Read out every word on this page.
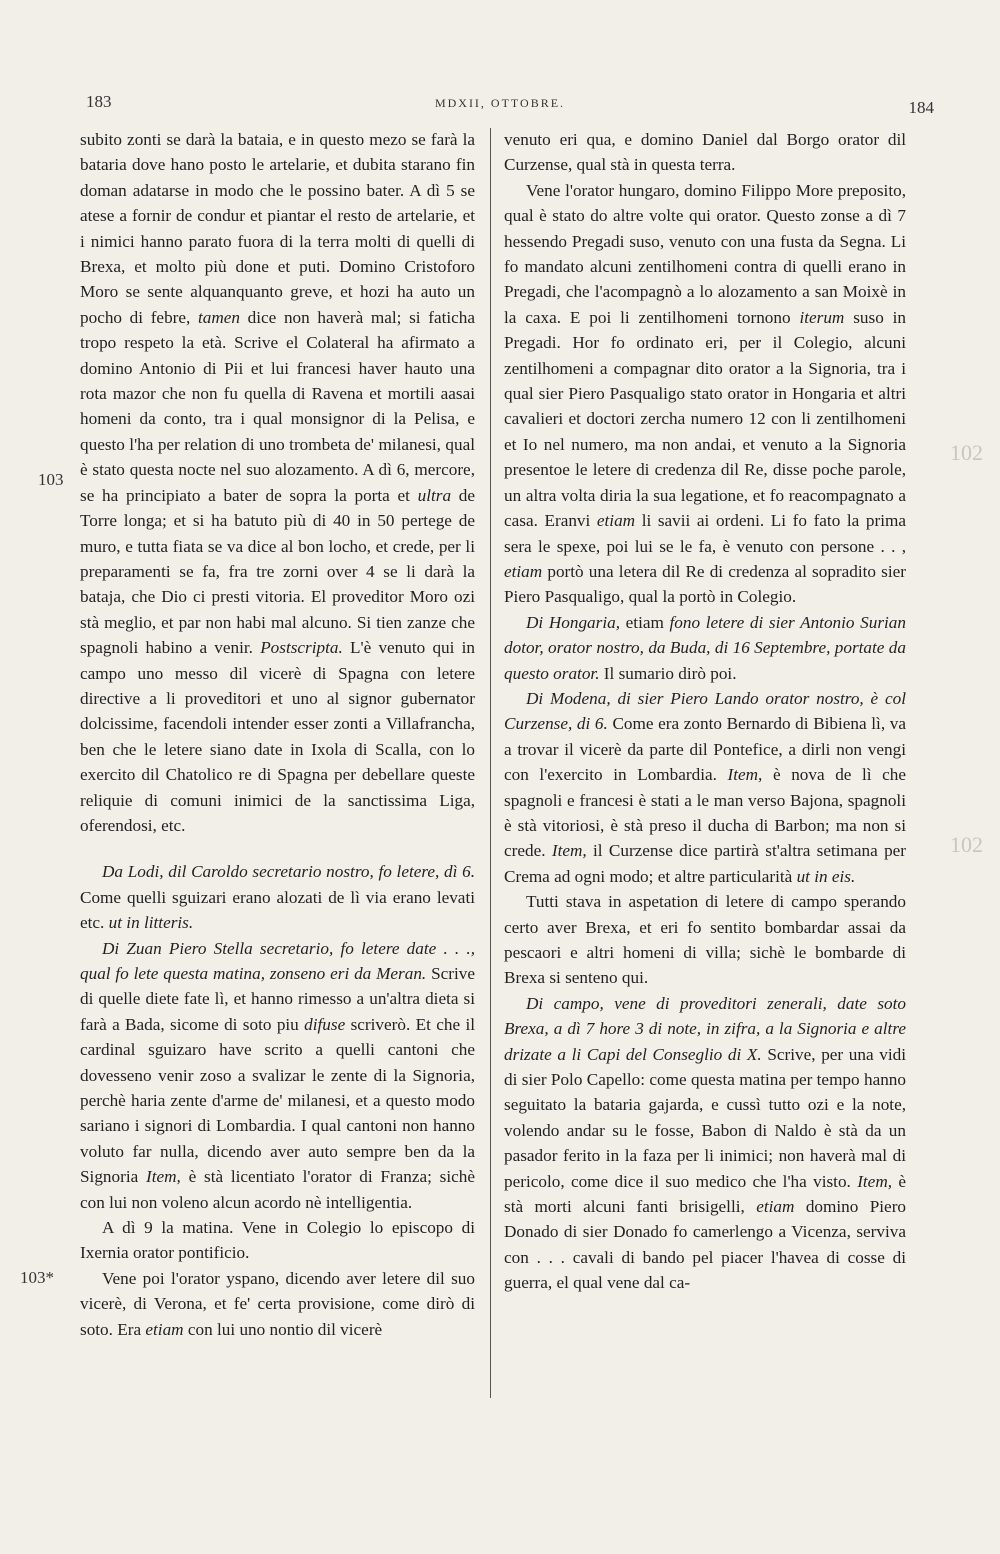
183	MDXII, OTTOBRE.	184
103
103*
102
102

subito zonti se darà la bataia, e in questo mezo se farà la bataria dove hano posto le artelarie, et dubita starano fin doman adatarse in modo che le possino bater. A dì 5 se atese a fornir de condur et piantar el resto de artelarie, et i nimici hanno parato fuora di la terra molti di quelli di Brexa, et molto più done et puti. Domino Cristoforo Moro se sente alquanquanto greve, et hozi ha auto un pocho di febre, tamen dice non haverà mal; si faticha tropo respeto la età. Scrive el Colateral ha afirmato a domino Antonio di Pii et lui francesi haver hauto una rota mazor che non fu quella di Ravena et mortili aasai homeni da conto, tra i qual monsignor di la Pelisa, e questo l'ha per relation di uno trombeta de' milanesi, qual è stato questa nocte nel suo alozamento. A dì 6, mercore, se ha principiato a bater de sopra la porta et ultra de Torre longa; et si ha batuto più di 40 in 50 pertege de muro, e tutta fiata se va dice al bon locho, et crede, per li preparamenti se fa, fra tre zorni over 4 se li darà la bataja, che Dio ci presti vitoria. El proveditor Moro ozi stà meglio, et par non habi mal alcuno. Si tien zanze che spagnoli habino a venir. Postscripta. L'è venuto qui in campo uno messo dil vicerè di Spagna con letere directive a li proveditori et uno al signor gubernator dolcissime, facendoli intender esser zonti a Villafrancha, ben che le letere siano date in Ixola di Scalla, con lo exercito dil Chatolico re di Spagna per debellare queste reliquie di comuni inimici de la sanctissima Liga, oferendosi, etc.

Da Lodi, dil Caroldo secretario nostro, fo letere, dì 6. Come quelli sguizari erano alozati de lì via erano levati etc. ut in litteris.

Di Zuan Piero Stella secretario, fo letere date . . ., qual fo lete questa matina, zonseno eri da Meran. Scrive di quelle diete fate lì, et hanno rimesso a un'altra dieta si farà a Bada, sicome di soto piu difuse scriverò. Et che il cardinal sguizaro have scrito a quelli cantoni che dovesseno venir zoso a svalizar le zente di la Signoria, perchè haria zente d'arme de' milanesi, et a questo modo sariano i signori di Lombardia. I qual cantoni non hanno voluto far nulla, dicendo aver auto sempre ben da la Signoria Item, è stà licentiato l'orator di Franza; sichè con lui non voleno alcun acordo nè intelligentia.

A dì 9 la matina. Vene in Colegio lo episcopo di Ixernia orator pontificio.

Vene poi l'orator yspano, dicendo aver letere dil suo vicerè, di Verona, et fe' certa provisione, come dirò di soto. Era etiam con lui uno nontio dil vicerè

venuto eri qua, e domino Daniel dal Borgo orator dil Curzense, qual stà in questa terra.

Vene l'orator hungaro, domino Filippo More preposito, qual è stato do altre volte qui orator. Questo zonse a dì 7 hessendo Pregadi suso, venuto con una fusta da Segna. Li fo mandato alcuni zentilhomeni contra di quelli erano in Pregadi, che l'acompagnò a lo alozamento a san Moixè in la caxa. E poi li zentilhomeni tornono iterum suso in Pregadi. Hor fo ordinato eri, per il Colegio, alcuni zentilhomeni a compagnar dito orator a la Signoria, tra i qual sier Piero Pasqualigo stato orator in Hongaria et altri cavalieri et doctori zercha numero 12 con li zentilhomeni et Io nel numero, ma non andai, et venuto a la Signoria presentoe le letere di credenza dil Re, disse poche parole, un altra volta diria la sua legatione, et fo reacompagnato a casa. Eranvi etiam li savii ai ordeni. Li fo fato la prima sera le spexe, poi lui se le fa, è venuto con persone . . , etiam portò una letera dil Re di credenza al sopradito sier Piero Pasqualigo, qual la portò in Colegio.

Di Hongaria, etiam fono letere di sier Antonio Surian dotor, orator nostro, da Buda, di 16 Septembre, portate da questo orator. Il sumario dirò poi.

Di Modena, di sier Piero Lando orator nostro, è col Curzense, di 6. Come era zonto Bernardo di Bibiena lì, va a trovar il vicerè da parte dil Pontefice, a dirli non vengi con l'exercito in Lombardia. Item, è nova de lì che spagnoli e francesi è stati a le man verso Bajona, spagnoli è stà vitoriosi, è stà preso il ducha di Barbon; ma non si crede. Item, il Curzense dice partirà st'altra setimana per Crema ad ogni modo; et altre particularità ut in eis.

Tutti stava in aspetation di letere di campo sperando certo aver Brexa, et eri fo sentito bombardar assai da pescaori e altri homeni di villa; sichè le bombarde di Brexa si senteno qui.

Di campo, vene di proveditori zenerali, date soto Brexa, a dì 7 hore 3 di note, in zifra, a la Signoria e altre drizate a li Capi del Conseglio di X. Scrive, per una vidi di sier Polo Capello: come questa matina per tempo hanno seguitato la bataria gajarda, e cussì tutto ozi e la note, volendo andar su le fosse, Babon di Naldo è stà da un pasador ferito in la faza per li inimici; non haverà mal di pericolo, come dice il suo medico che l'ha visto. Item, è stà morti alcuni fanti brisigelli, etiam domino Piero Donado di sier Donado fo camerlengo a Vicenza, serviva con . . . cavali di bando pel piacer l'havea di cosse di guerra, el qual vene dal ca-
